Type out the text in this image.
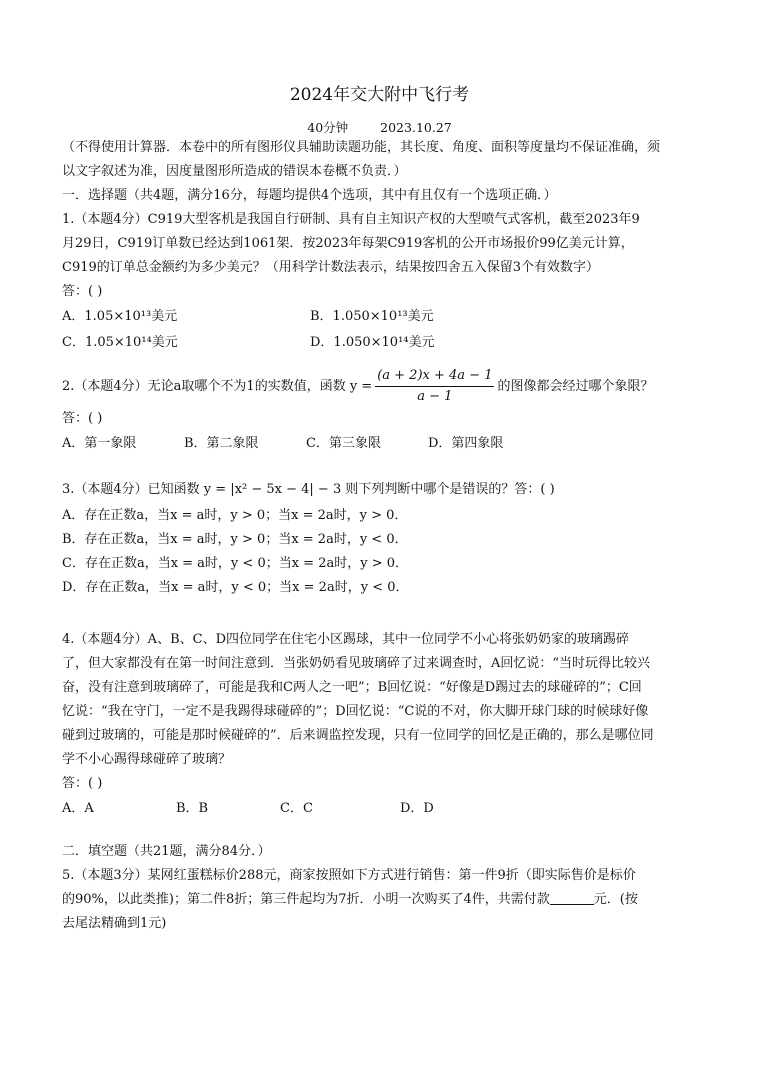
2024年交大附中飞行考
40分钟	2023.10.27
（不得使用计算器．本卷中的所有图形仪具辅助读题功能，其长度、角度、面积等度量均不保证准确，须
以文字叙述为准，因度量图形所造成的错误本卷概不负责．）
一．选择题（共4题，满分16分，每题均提供4个选项，其中有且仅有一个选项正确．）
1.（本题4分）C919大型客机是我国自行研制、具有自主知识产权的大型喷气式客机，截至2023年9
月29日，C919订单数已经达到1061架．按2023年每架C919客机的公开市场报价99亿美元计算，
C919的订单总金额约为多少美元？（用科学计数法表示，结果按四舍五入保留3个有效数字）
答：( )
A．1.05×10¹³美元	B．1.050×10¹³美元
C．1.05×10¹⁴美元	D．1.050×10¹⁴美元
2.（本题4分）无论a取哪个不为1的实数值，函数 $y = \frac{(a + 2)x + 4a - 1}{a - 1}$ 的图像都会经过哪个象限？
答：( )
A．第一象限	B．第二象限	C．第三象限	D．第四象限
3.（本题4分）已知函数 y = |x² − 5x − 4| − 3 则下列判断中哪个是错误的？答：( )
A．存在正数a，当x = a时，y > 0；当x = 2a时，y > 0．
B．存在正数a，当x = a时，y > 0；当x = 2a时，y < 0．
C．存在正数a，当x = a时，y < 0；当x = 2a时，y > 0．
D．存在正数a，当x = a时，y < 0；当x = 2a时，y < 0．
4.（本题4分）A、B、C、D四位同学在住宅小区踢球，其中一位同学不小心将张奶奶家的玻璃踢碎
了，但大家都没有在第一时间注意到．当张奶奶看见玻璃碎了过来调查时，A回忆说：“当时玩得比较兴
奋，没有注意到玻璃碎了，可能是我和C两人之一吧”；B回忆说：“好像是D踢过去的球碰碎的”；C回
忆说：“我在守门，一定不是我踢得球碰碎的”；D回忆说：“C说的不对，你大脚开球门球的时候球好像
碰到过玻璃的，可能是那时候碰碎的”．后来调监控发现，只有一位同学的回忆是正确的，那么是哪位同
学不小心踢得球碰碎了玻璃？
答：( )
A．A	B．B	C．C	D．D
二．填空题（共21题，满分84分．）
5.（本题3分）某网红蛋糕标价288元，商家按照如下方式进行销售：第一件9折（即实际售价是标价
的90%，以此类推)；第二件8折；第三件起均为7折．小明一次购买了4件，共需付款	元．(按
去尾法精确到1元)
